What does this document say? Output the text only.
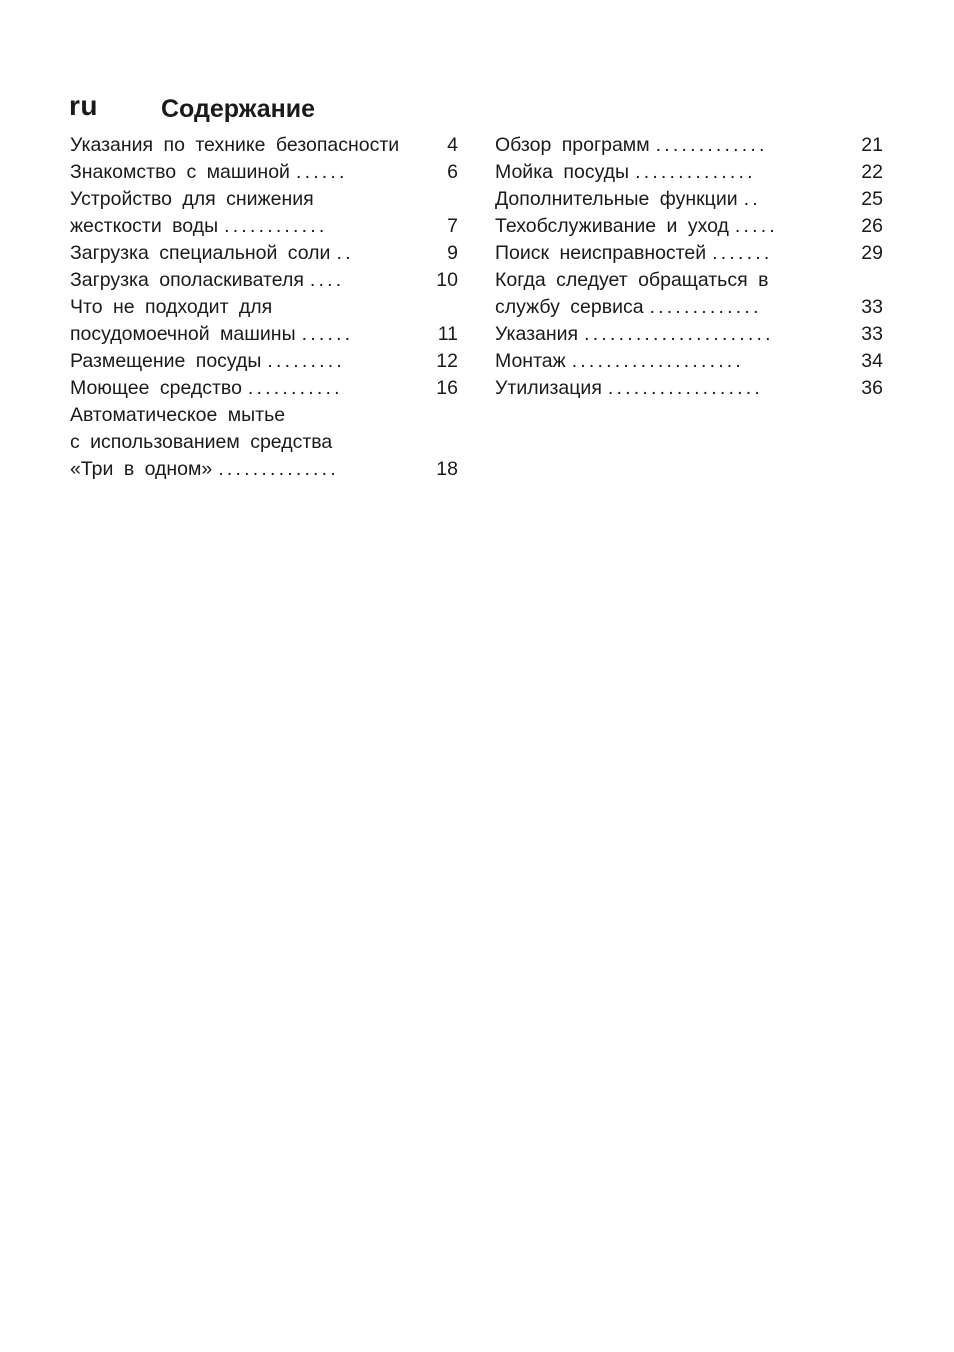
ru	Содержание
Указания по технике безопасности	4
Знакомство с машиной ......	6
Устройство для снижения
жесткости воды ............	7
Загрузка специальной соли ..	9
Загрузка ополаскивателя ....	10
Что не подходит для
посудомоечной машины ......	11
Размещение посуды .........	12
Моющее средство ...........	16
Автоматическое мытье
с использованием средства
«Три в одном» ..............	18
Обзор программ .............	21
Мойка посуды ..............	22
Дополнительные функции ..	25
Техобслуживание и уход .....	26
Поиск неисправностей .......	29
Когда следует обращаться в
службу сервиса .............	33
Указания ......................	33
Монтаж ....................	34
Утилизация ..................	36
